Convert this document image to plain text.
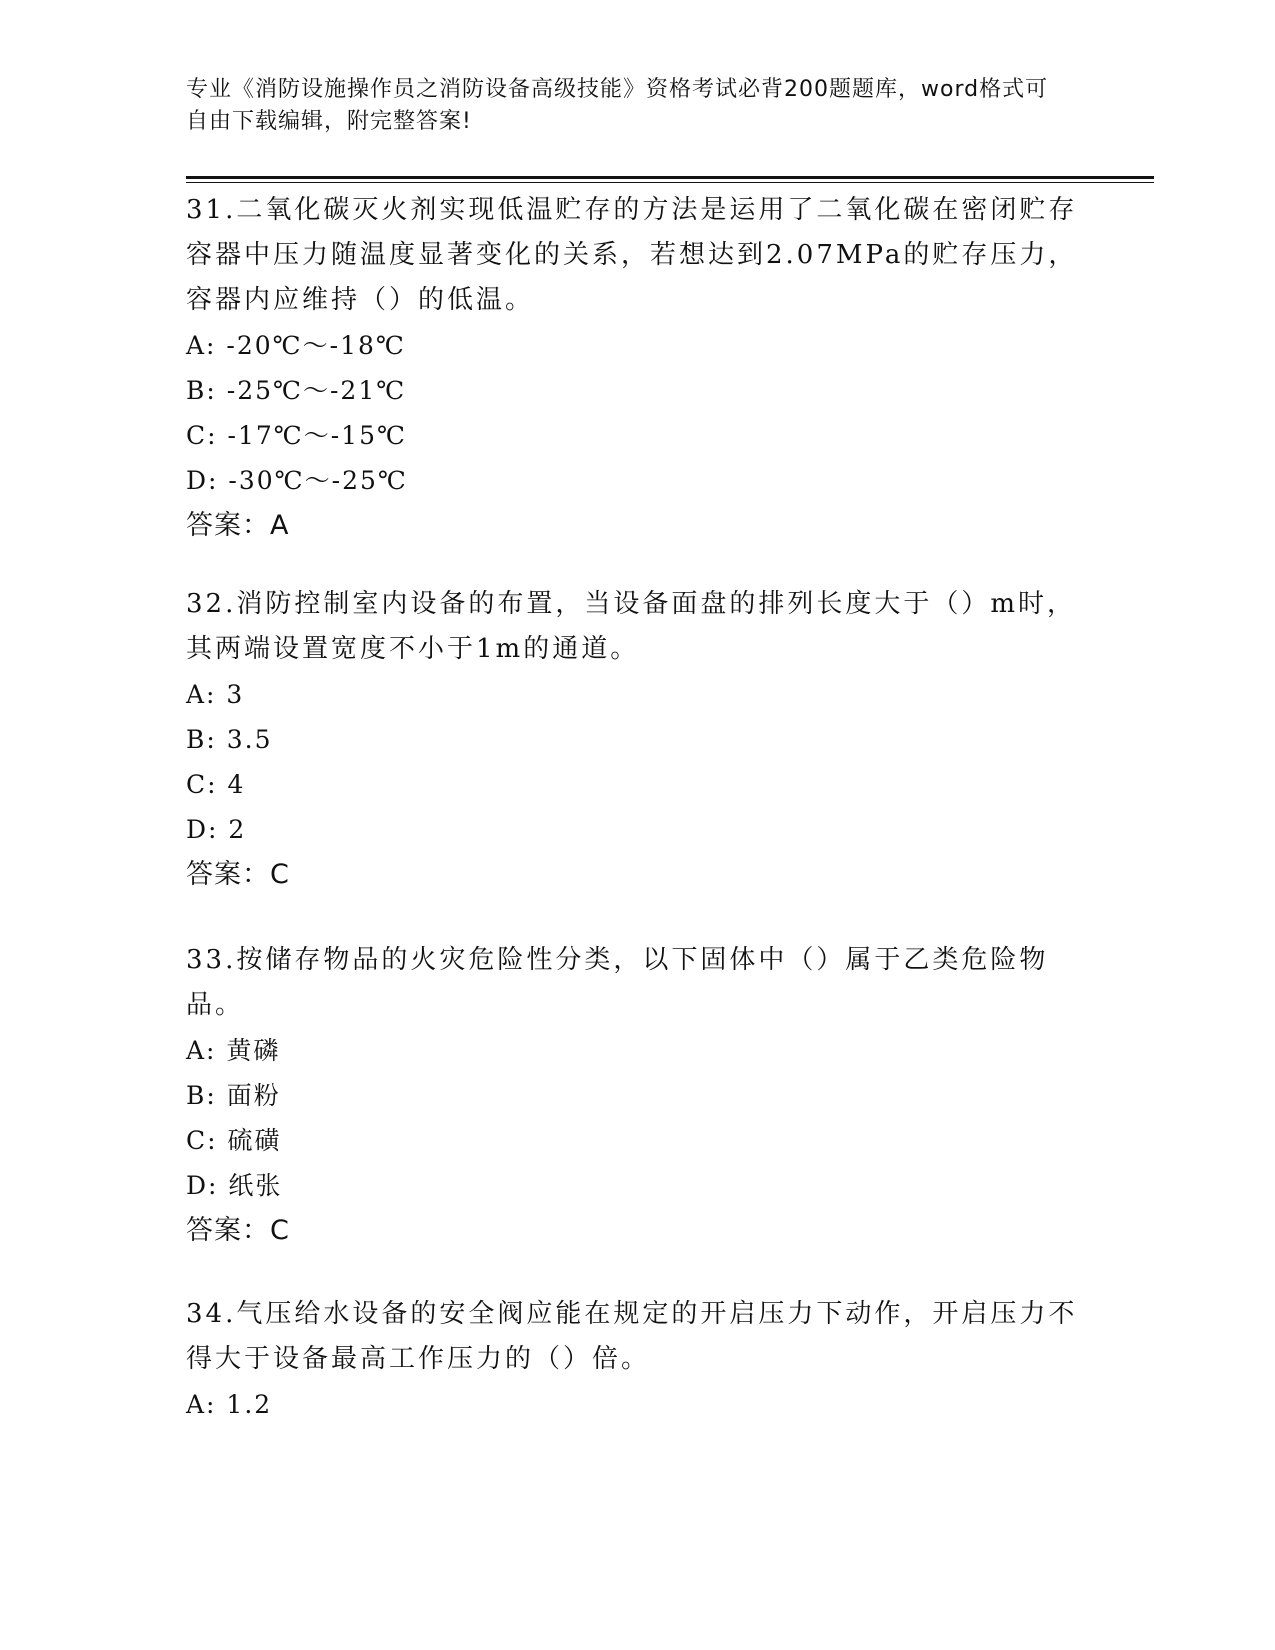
专业《消防设施操作员之消防设备高级技能》资格考试必背200题题库，word格式可自由下载编辑，附完整答案!

31.二氧化碳灭火剂实现低温贮存的方法是运用了二氧化碳在密闭贮存容器中压力随温度显著变化的关系，若想达到2.07MPa的贮存压力，容器内应维持（）的低温。

A: -20℃～-18℃

B: -25℃～-21℃

C: -17℃～-15℃

D: -30℃～-25℃

答案：A

32.消防控制室内设备的布置，当设备面盘的排列长度大于（）m时，其两端设置宽度不小于1m的通道。

A: 3

B: 3.5

C: 4

D: 2

答案：C

33.按储存物品的火灾危险性分类，以下固体中（）属于乙类危险物品。

A: 黄磷

B: 面粉

C: 硫磺

D: 纸张

答案：C

34.气压给水设备的安全阀应能在规定的开启压力下动作，开启压力不得大于设备最高工作压力的（）倍。

A: 1.2
